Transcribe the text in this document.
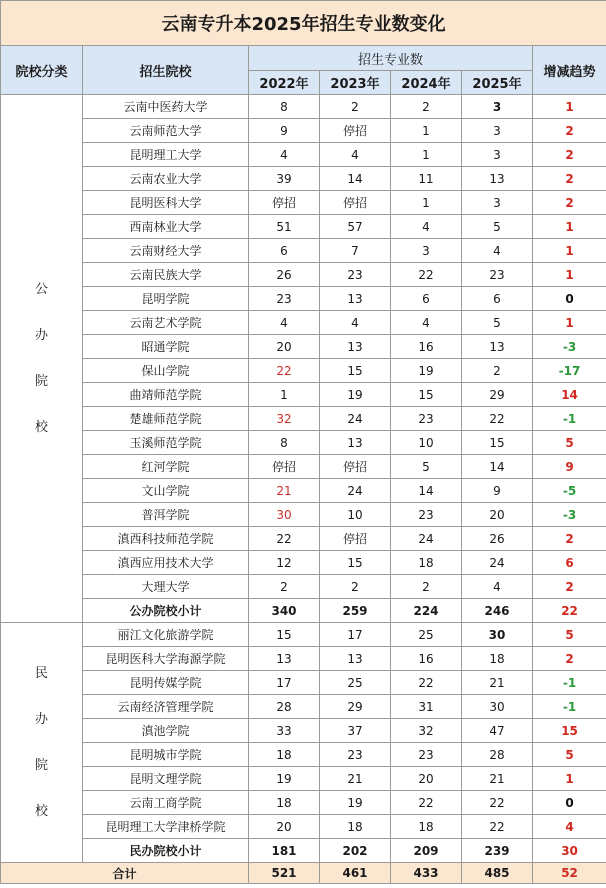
云南专升本2025年招生专业数变化						
院校分类	招生院校	招生专业数				增减趋势
		2022年	2023年	2024年	2025年	
公办院校	云南中医药大学	8	2	2	3	1
	云南师范大学	9	停招	1	3	2
	昆明理工大学	4	4	1	3	2
	云南农业大学	39	14	11	13	2
	昆明医科大学	停招	停招	1	3	2
	西南林业大学	51	57	4	5	1
	云南财经大学	6	7	3	4	1
	云南民族大学	26	23	22	23	1
	昆明学院	23	13	6	6	0
	云南艺术学院	4	4	4	5	1
	昭通学院	20	13	16	13	-3
	保山学院	22	15	19	2	-17
	曲靖师范学院	1	19	15	29	14
	楚雄师范学院	32	24	23	22	-1
	玉溪师范学院	8	13	10	15	5
	红河学院	停招	停招	5	14	9
	文山学院	21	24	14	9	-5
	普洱学院	30	10	23	20	-3
	滇西科技师范学院	22	停招	24	26	2
	滇西应用技术大学	12	15	18	24	6
	大理大学	2	2	2	4	2
	公办院校小计	340	259	224	246	22
民办院校	丽江文化旅游学院	15	17	25	30	5
	昆明医科大学海源学院	13	13	16	18	2
	昆明传媒学院	17	25	22	21	-1
	云南经济管理学院	28	29	31	30	-1
	滇池学院	33	37	32	47	15
	昆明城市学院	18	23	23	28	5
	昆明文理学院	19	21	20	21	1
	云南工商学院	18	19	22	22	0
	昆明理工大学津桥学院	20	18	18	22	4
	民办院校小计	181	202	209	239	30
合计		521	461	433	485	52
